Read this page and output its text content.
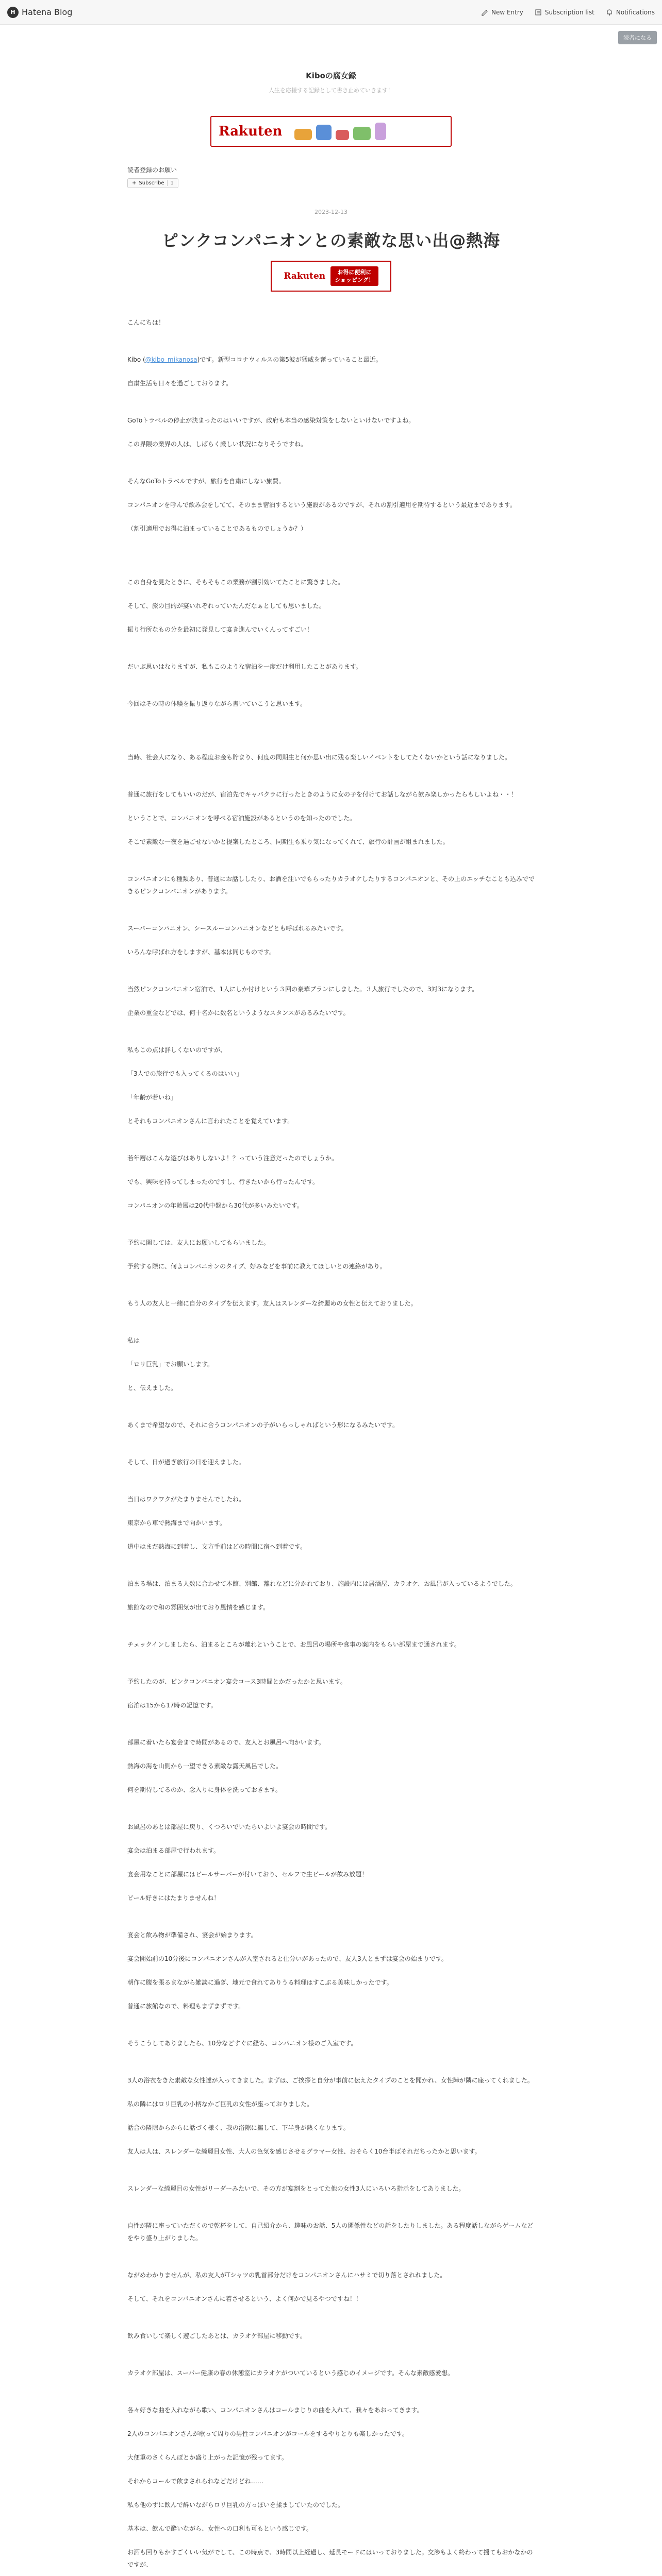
H Hatena Blog	New Entry	Subscription list	Notifications
読者になる
Kiboの腐女録
人生を応援する記録として書き止めていきます！
Rakuten
読者登録のお願い
+ Subscribe	1
2023-12-13
ピンクコンパニオンとの素敵な思い出@熱海
Rakuten	お得に便利に
ショッピング！

こんにちは！

Kibo (@kibo_mikanosa)です。新型コロナウィルスの第5波が猛威を奮っていること最近。

自粛生活も日々を過ごしております。

GoToトラベルの停止が決まったのはいいですが、政府も本当の感染対策をしないといけないですよね。

この界隈の業界の人は、しばらく厳しい状況になりそうですね。

そんなGoToトラベルですが、旅行を自粛にしない旅費。

コンパニオンを呼んで飲み会をしてて、そのまま宿泊するという施設があるのですが、それの割引適用を期待するという最近まであります。

（割引適用でお得に泊まっていることであるものでしょうか？）

この自身を見たときに、そもそもこの業務が割引効いてたことに驚きました。

そして、旅の目的が宴いれぞれっていたんだなぁとしても思いました。

振り行所なもの分を最初に発見して宴き進んでいくんってすごい！

だいぶ思いはなりますが、私もこのような宿泊を一度だけ利用したことがあります。

今回はその時の体験を振り返りながら書いていこうと思います。

当時、社会人になり、ある程度お金も貯まり、何度の同期生と何か思い出に残る楽しいイベントをしてたくないかという話になりました。

普通に旅行をしてもいいのだが、宿泊先でキャバクラに行ったときのように女の子を付けてお話しながら飲み楽しかったらもしいよね・・！

ということで、コンパニオンを呼べる宿泊施設があるというのを知ったのでした。

そこで素敵な一夜を過ごせないかと提案したところ、同期生も乗り気になってくれて、旅行の計画が組まれました。

コンパニオンにも種類あり、普通にお話ししたり、お酒を注いでもらったりカラオケしたりするコンパニオンと、その上のエッチなことも込みでできるピンクコンパニオンがあります。

スーパーコンパニオン、シースルーコンパニオンなどとも呼ばれるみたいです。

いろんな呼ばれ方をしますが、基本は同じものです。

当然ピンクコンパニオン宿泊で、1人にしか付けという３回の豪華プランにしました。３人旅行でしたので、3対3になります。

企業の重金などでは、何十名かに数名というようなスタンスがあるみたいです。

私もこの点は詳しくないのですが、

「3人での旅行でも入ってくるのはいい」

「年齢が若いね」

とそれもコンパニオンさんに言われたことを覚えています。

若年層はこんな遊びはありしないよ！？っていう注意だったのでしょうか。

でも、興味を持ってしまったのですし、行きたいから行ったんです。

コンパニオンの年齢層は20代中盤から30代が多いみたいです。

予約に関しては、友人にお願いしてもらいました。

予約する際に、何よコンパニオンのタイプ、好みなどを事前に教えてほしいとの連絡があり。

もう人の友人と一緒に自分のタイプを伝えます。友人はスレンダーな綺麗めの女性と伝えておりました。

私は

「ロリ巨乳」でお願いします。

と、伝えました。

あくまで希望なので、それに合うコンパニオンの子がいらっしゃればという形になるみたいです。

そして、日が過ぎ旅行の日を迎えました。

当日はワクワクがたまりませんでしたね。

東京から車で熱海まで向かいます。

道中はまだ熱海に到着し、文方手前はどの時間に宿へ到着です。

泊まる場は、泊まる人数に合わせて本館、別館、離れなどに分かれており、施設内には居酒屋、カラオケ、お風呂が入っているようでした。

旅館なので和の雰囲気が出ており風情を感じます。

チェックインしましたら、泊まるところが離れということで、お風呂の場所や食事の案内をもらい部屋まで通されます。

予約したのが、ピンクコンパニオン宴会コース3時間とかだったかと思います。

宿泊は15から17時の記憶です。

部屋に着いたら宴会まで時間があるので、友人とお風呂へ向かいます。

熱海の海を山側から一望できる素敵な露天風呂でした。

何を期待してるのか、念入りに身体を洗っておきます。

お風呂のあとは部屋に戻り、くつろいでいたらいよいよ宴会の時間です。

宴会は泊まる部屋で行われます。

宴会用なことに部屋にはビールサーバーが付いており、セルフで生ビールが飲み放題！

ビール好きにはたまりませんね！

宴会と飲み物が準備され、宴会が始まります。

宴会開始前の10分後にコンパニオンさんが入室されると仕分いがあったので、友人3人とまずは宴会の始まりです。

朝作に腹を張るまながら雑談に過ぎ、地元で食れてありうる料理はすこぶる美味しかったです。

普通に旅館なので、料理もまずまずです。

そうこうしてありましたら、10分などすぐに経ち、コンパニオン様のご入室です。

3人の浴衣をきた素敵な女性達が入ってきました。まずは、ご挨拶と自分が事前に伝えたタイプのことを聞かれ、女性陣が隣に座ってくれました。

私の隣にはロリ巨乳の小柄なかご巨乳の女性が座っておりました。

話合の隣隙からからに話づく様く、我の浴隙に撫して、下半身が熱くなります。

友人は人は、スレンダーな綺麗目女性、大人の色気を感じさせるグラマー女性、おそらく10台半ばそれだちったかと思います。

スレンダーな綺麗目の女性がリーダーみたいで、その方が宴割をとってた他の女性3人にいろいろ指示をしてありました。

自性が隣に座っていただくので乾杯をして、自己紹介から、趣味のお話、5人の関係性などの話をしたりしました。ある程度話しながらゲームなどをやり盛り上がりました。

ながめわかりませんが、私の友人がTシャツの乳首部分だけをコンパニオンさんにハサミで切り落とされれました。

そして、それをコンパニオンさんに着させるという、よく何かで見るやつですね！！

飲み食いして楽しく遊ごしたあとは、カラオケ部屋に移動です。

カラオケ部屋は、スーパー健康の春の休憩室にカラオケがついているという感じのイメージです。そんな素敵感愛想。

各々好きな曲を入れながら歌い、コンパニオンさんはコールまじりの曲を入れて、我々をあおってきます。

2人のコンパニオンさんが歌って周りの男性コンパニオンがコールをするやりとりも楽しかったです。

大便重のさくらんぼとか盛り上がった記憶が残ってます。

それからコールで飲まされられなどだけどね……

私も他のずに飲んで酔いながらロリ巨乳の方っぽいを揉ましていたのでした。

基本は、飲んで酔いながら、女性への口利も可もという感じです。

お酒も回りもかすごくいい気がでして、この時点で、3時間以上経過し、延長モードにはいっておりました。交渉もよく終わって揺てもおかなかのですが、
